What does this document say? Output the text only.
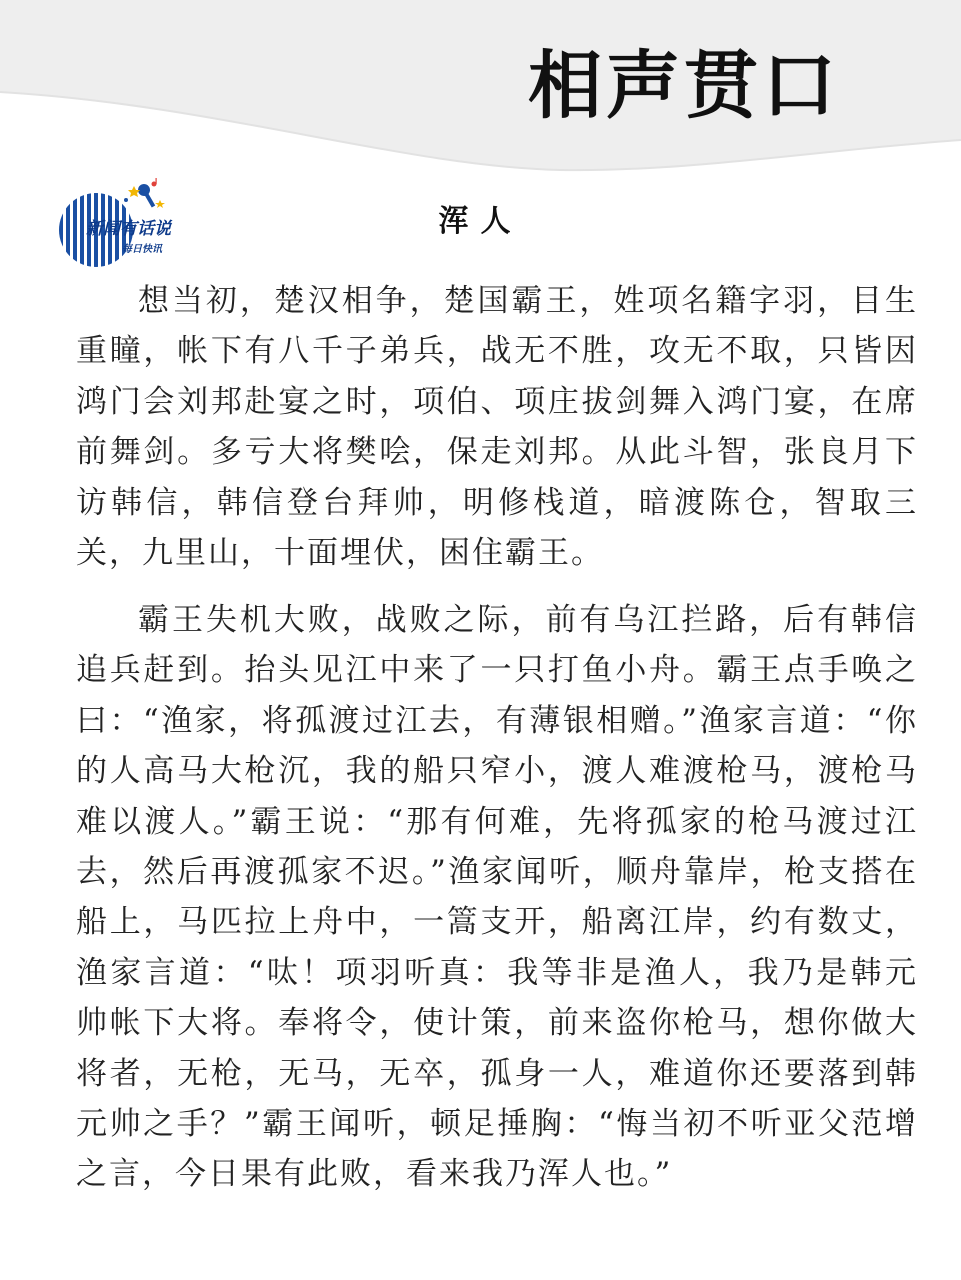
相声贯口
新闻有话说
每日快讯
浑人

想当初，楚汉相争，楚国霸王，姓项名籍字羽，目生重瞳，帐下有八千子弟兵，战无不胜，攻无不取，只皆因鸿门会刘邦赴宴之时，项伯、项庄拔剑舞入鸿门宴，在席前舞剑。多亏大将樊哙，保走刘邦。从此斗智，张良月下访韩信，韩信登台拜帅，明修栈道，暗渡陈仓，智取三关，九里山，十面埋伏，困住霸王。

霸王失机大败，战败之际，前有乌江拦路，后有韩信追兵赶到。抬头见江中来了一只打鱼小舟。霸王点手唤之曰：“渔家，将孤渡过江去，有薄银相赠。”渔家言道：“你的人高马大枪沉，我的船只窄小，渡人难渡枪马，渡枪马难以渡人。”霸王说：“那有何难，先将孤家的枪马渡过江去，然后再渡孤家不迟。”渔家闻听，顺舟靠岸，枪支搭在船上，马匹拉上舟中，一篙支开，船离江岸，约有数丈，渔家言道：“呔！项羽听真：我等非是渔人，我乃是韩元帅帐下大将。奉将令，使计策，前来盗你枪马，想你做大将者，无枪，无马，无卒，孤身一人，难道你还要落到韩元帅之手？”霸王闻听，顿足捶胸：“悔当初不听亚父范增之言，今日果有此败，看来我乃浑人也。”
